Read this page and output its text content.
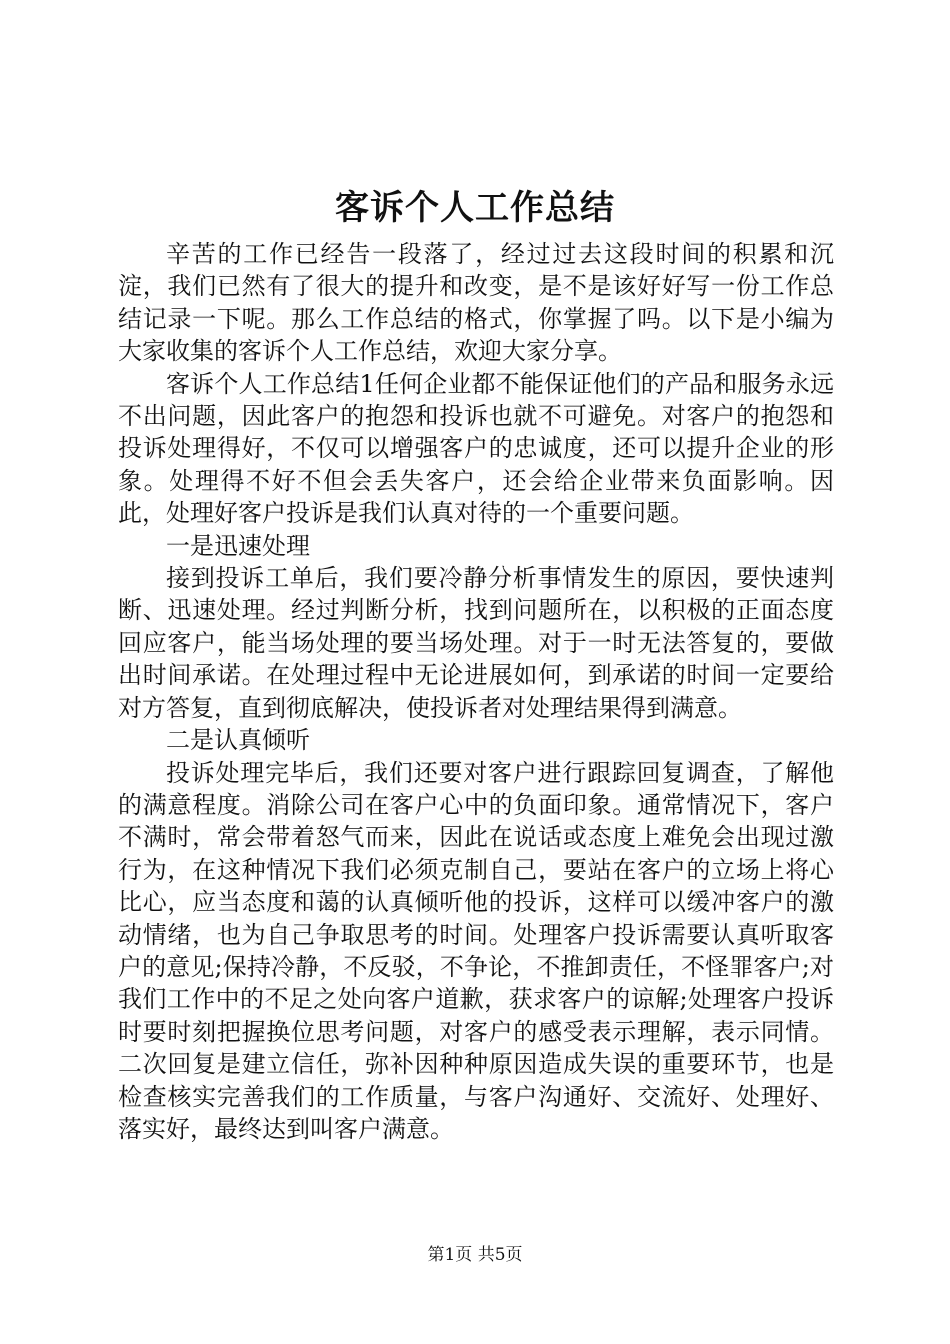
客诉个人工作总结

辛苦的工作已经告一段落了，经过过去这段时间的积累和沉淀，我们已然有了很大的提升和改变，是不是该好好写一份工作总结记录一下呢。那么工作总结的格式，你掌握了吗。以下是小编为大家收集的客诉个人工作总结，欢迎大家分享。

客诉个人工作总结1任何企业都不能保证他们的产品和服务永远不出问题，因此客户的抱怨和投诉也就不可避免。对客户的抱怨和投诉处理得好，不仅可以增强客户的忠诚度，还可以提升企业的形象。处理得不好不但会丢失客户，还会给企业带来负面影响。因此，处理好客户投诉是我们认真对待的一个重要问题。

一是迅速处理

接到投诉工单后，我们要冷静分析事情发生的原因，要快速判断、迅速处理。经过判断分析，找到问题所在，以积极的正面态度回应客户，能当场处理的要当场处理。对于一时无法答复的，要做出时间承诺。在处理过程中无论进展如何，到承诺的时间一定要给对方答复，直到彻底解决，使投诉者对处理结果得到满意。

二是认真倾听

投诉处理完毕后，我们还要对客户进行跟踪回复调查，了解他的满意程度。消除公司在客户心中的负面印象。通常情况下，客户不满时，常会带着怒气而来，因此在说话或态度上难免会出现过激行为，在这种情况下我们必须克制自己，要站在客户的立场上将心比心，应当态度和蔼的认真倾听他的投诉，这样可以缓冲客户的激动情绪，也为自己争取思考的时间。处理客户投诉需要认真听取客户的意见;保持冷静，不反驳，不争论，不推卸责任，不怪罪客户;对我们工作中的不足之处向客户道歉，获求客户的谅解;处理客户投诉时要时刻把握换位思考问题，对客户的感受表示理解，表示同情。二次回复是建立信任，弥补因种种原因造成失误的重要环节，也是检查核实完善我们的工作质量，与客户沟通好、交流好、处理好、落实好，最终达到叫客户满意。

第1页 共5页
